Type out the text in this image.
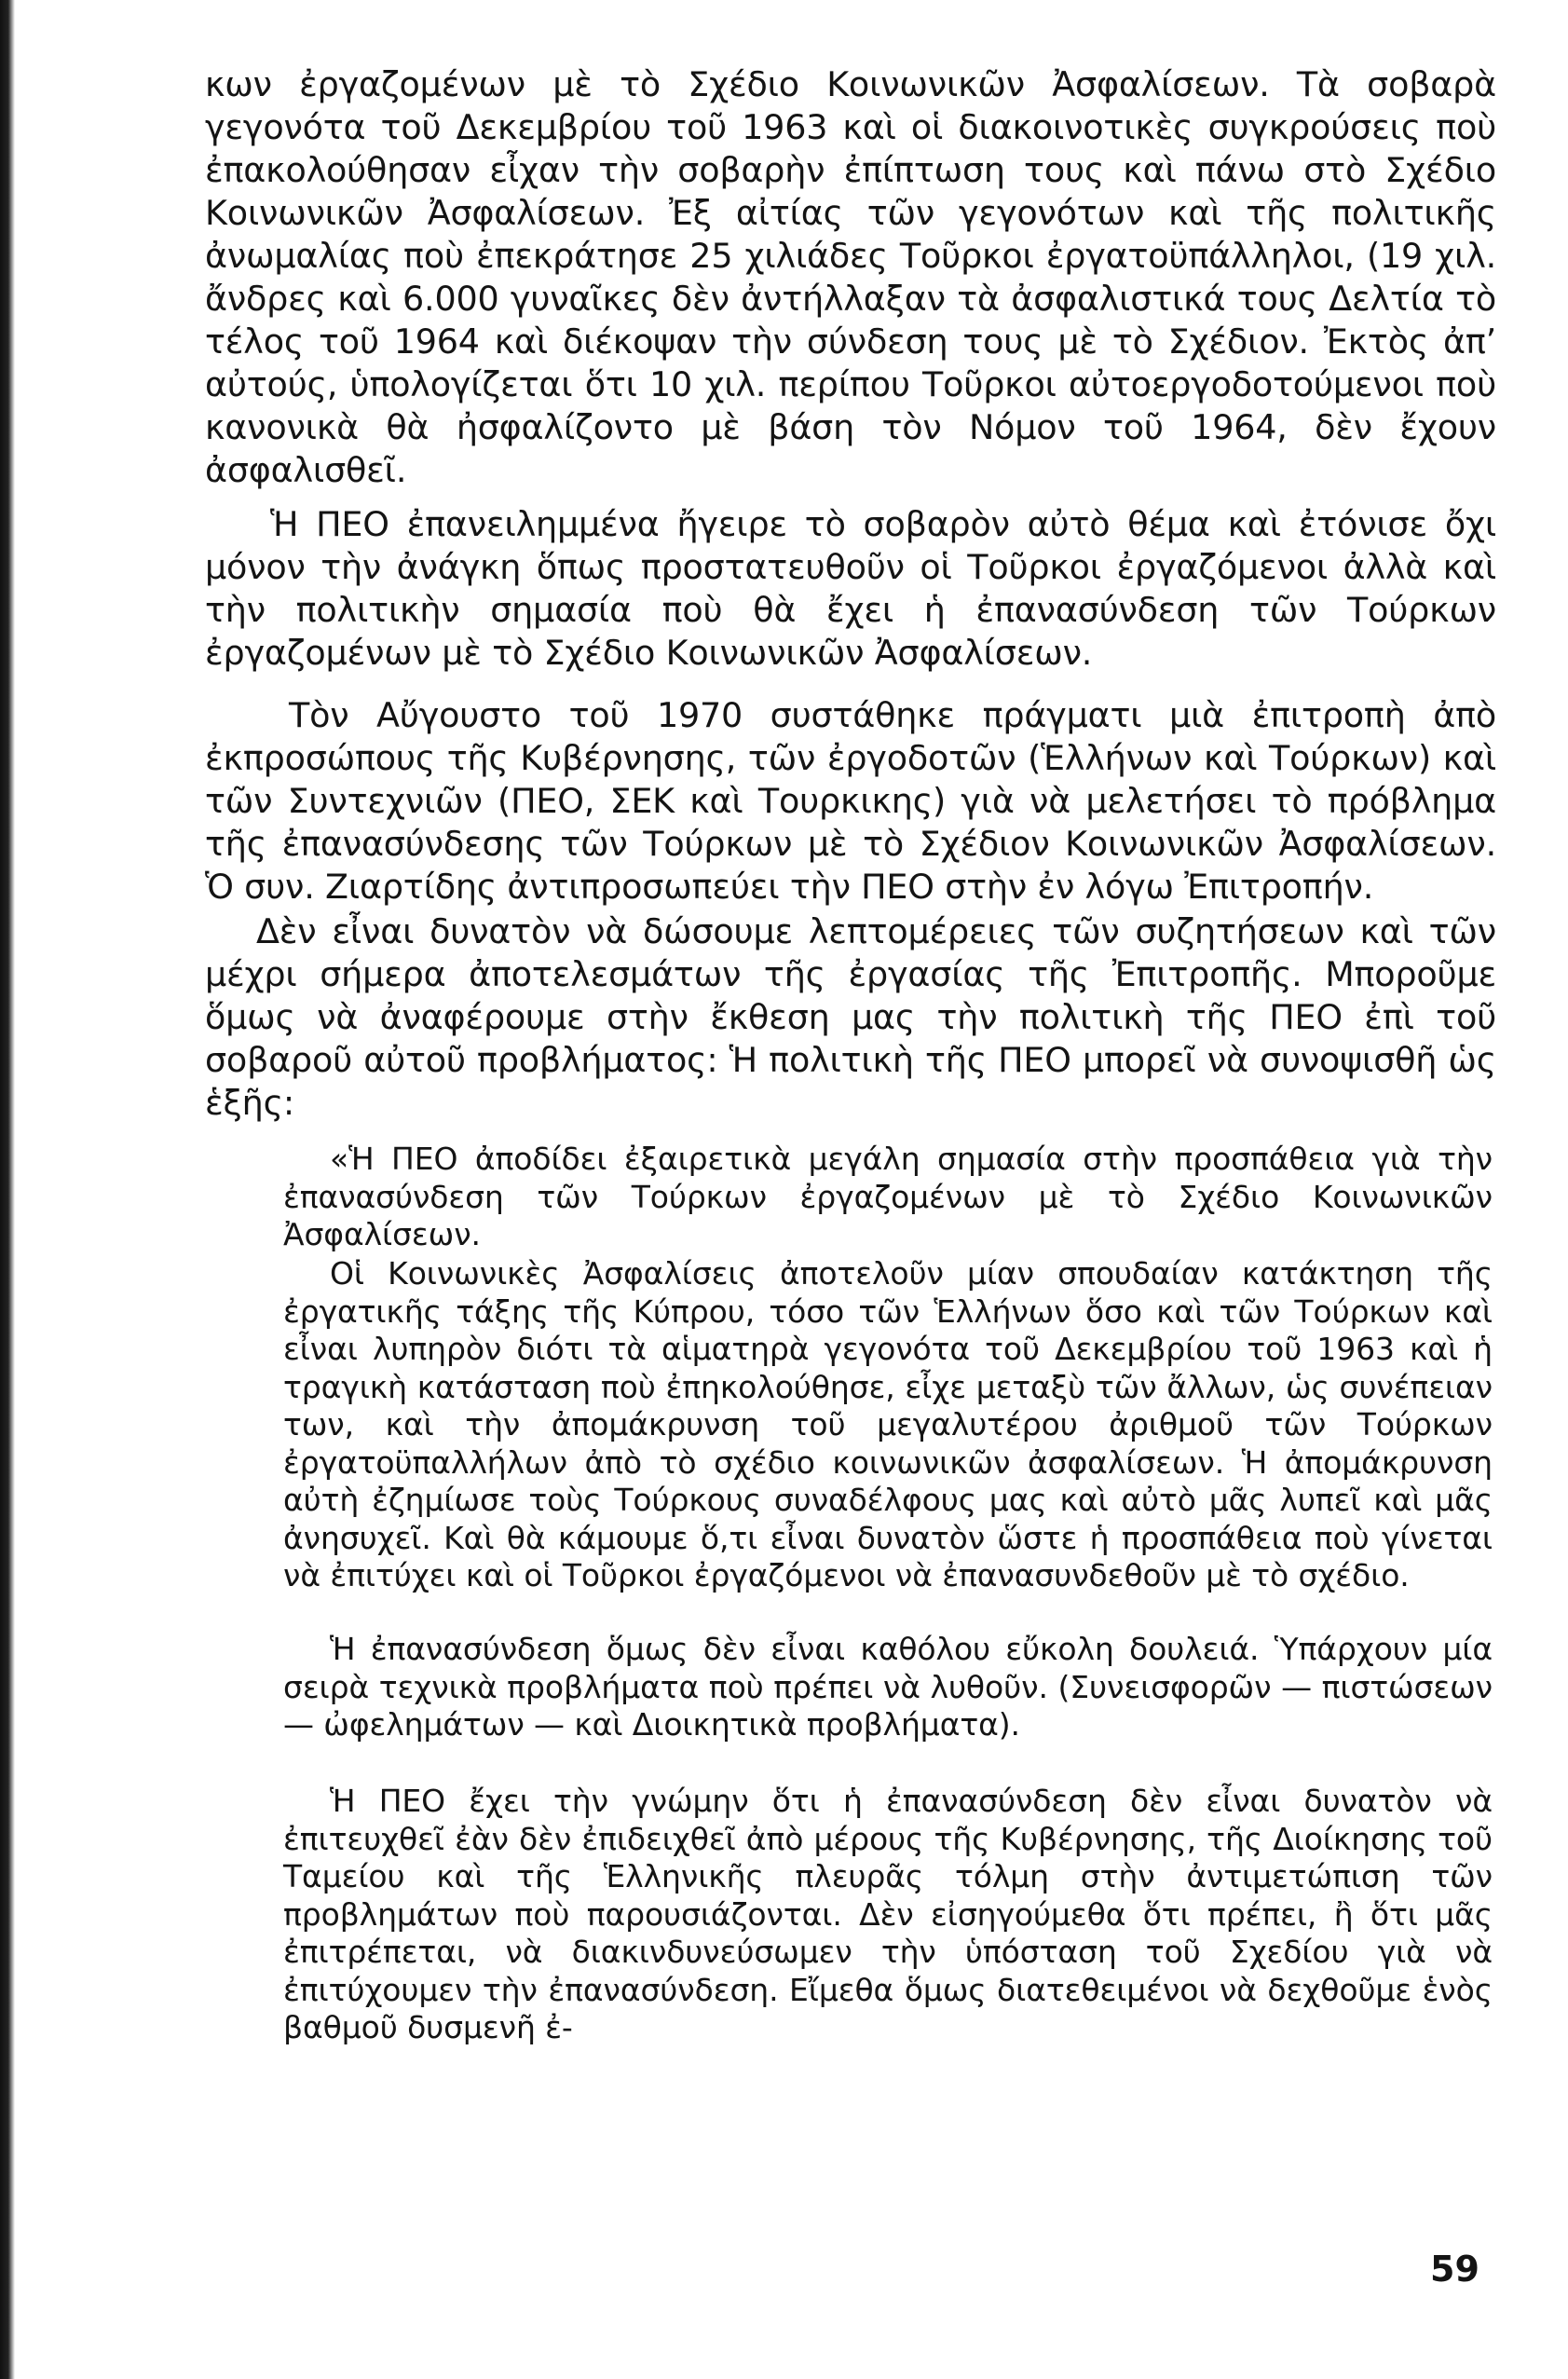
κων ἐργαζομένων μὲ τὸ Σχέδιο Κοινωνικῶν Ἀσφαλίσεων. Τὰ σοβαρὰ γεγονότα τοῦ Δεκεμβρίου τοῦ 1963 καὶ οἱ διακοινοτικὲς συγκρούσεις ποὺ ἐπακολούθησαν εἶχαν τὴν σοβαρὴν ἐπίπτωση τους καὶ πάνω στὸ Σχέδιο Κοινωνικῶν Ἀσφαλίσεων. Ἐξ αἰτίας τῶν γεγονότων καὶ τῆς πολιτικῆς ἀνωμαλίας ποὺ ἐπεκράτησε 25 χιλιάδες Τοῦρκοι ἐργατοϋπάλληλοι, (19 χιλ. ἄνδρες καὶ 6.000 γυναῖκες δὲν ἀντήλλαξαν τὰ ἀσφαλιστικά τους Δελτία τὸ τέλος τοῦ 1964 καὶ διέκοψαν τὴν σύνδεση τους μὲ τὸ Σχέδιον. Ἐκτὸς ἀπ’ αὐτούς, ὑπολογίζεται ὅτι 10 χιλ. περίπου Τοῦρκοι αὐτοεργοδοτούμενοι ποὺ κανονικὰ θὰ ἠσφαλίζοντο μὲ βάση τὸν Νόμον τοῦ 1964, δὲν ἔχουν ἀσφαλισθεῖ.

Ἡ ΠΕΟ ἐπανειλημμένα ἤγειρε τὸ σοβαρὸν αὐτὸ θέμα καὶ ἐτόνισε ὄχι μόνον τὴν ἀνάγκη ὅπως προστατευθοῦν οἱ Τοῦρκοι ἐργαζόμενοι ἀλλὰ καὶ τὴν πολιτικὴν σημασία ποὺ θὰ ἔχει ἡ ἐπανασύνδεση τῶν Τούρκων ἐργαζομένων μὲ τὸ Σχέδιο Κοινωνικῶν Ἀσφαλίσεων.

Τὸν Αὔγουστο τοῦ 1970 συστάθηκε πράγματι μιὰ ἐπιτροπὴ ἀπὸ ἐκπροσώπους τῆς Κυβέρνησης, τῶν ἐργοδοτῶν (Ἑλλήνων καὶ Τούρκων) καὶ τῶν Συντεχνιῶν (ΠΕΟ, ΣΕΚ καὶ Τουρκικης) γιὰ νὰ μελετήσει τὸ πρόβλημα τῆς ἐπανασύνδεσης τῶν Τούρκων μὲ τὸ Σχέδιον Κοινωνικῶν Ἀσφαλίσεων. Ὁ συν. Ζιαρτίδης ἀντιπροσωπεύει τὴν ΠΕΟ στὴν ἐν λόγω Ἐπιτροπήν.

Δὲν εἶναι δυνατὸν νὰ δώσουμε λεπτομέρειες τῶν συζητήσεων καὶ τῶν μέχρι σήμερα ἀποτελεσμάτων τῆς ἐργασίας τῆς Ἐπιτροπῆς. Μποροῦμε ὅμως νὰ ἀναφέρουμε στὴν ἔκθεση μας τὴν πολιτικὴ τῆς ΠΕΟ ἐπὶ τοῦ σοβαροῦ αὐτοῦ προβλήματος: Ἡ πολιτικὴ τῆς ΠΕΟ μπορεῖ νὰ συνοψισθῆ ὡς ἑξῆς:

«Ἡ ΠΕΟ ἀποδίδει ἐξαιρετικὰ μεγάλη σημασία στὴν προσπάθεια γιὰ τὴν ἐπανασύνδεση τῶν Τούρκων ἐργαζομένων μὲ τὸ Σχέδιο Κοινωνικῶν Ἀσφαλίσεων.

Οἱ Κοινωνικὲς Ἀσφαλίσεις ἀποτελοῦν μίαν σπουδαίαν κατάκτηση τῆς ἐργατικῆς τάξης τῆς Κύπρου, τόσο τῶν Ἑλλήνων ὅσο καὶ τῶν Τούρκων καὶ εἶναι λυπηρὸν διότι τὰ αἱματηρὰ γεγονότα τοῦ Δεκεμβρίου τοῦ 1963 καὶ ἡ τραγικὴ κατάσταση ποὺ ἐπηκολούθησε, εἶχε μεταξὺ τῶν ἄλλων, ὡς συνέπειαν των, καὶ τὴν ἀπομάκρυνση τοῦ μεγαλυτέρου ἀριθμοῦ τῶν Τούρκων ἐργατοϋπαλλήλων ἀπὸ τὸ σχέδιο κοινωνικῶν ἀσφαλίσεων. Ἡ ἀπομάκρυνση αὐτὴ ἐζημίωσε τοὺς Τούρκους συναδέλφους μας καὶ αὐτὸ μᾶς λυπεῖ καὶ μᾶς ἀνησυχεῖ. Καὶ θὰ κάμουμε ὅ,τι εἶναι δυνατὸν ὥστε ἡ προσπάθεια ποὺ γίνεται νὰ ἐπιτύχει καὶ οἱ Τοῦρκοι ἐργαζόμενοι νὰ ἐπανασυνδεθοῦν μὲ τὸ σχέδιο.

Ἡ ἐπανασύνδεση ὅμως δὲν εἶναι καθόλου εὔκολη δουλειά. Ὑπάρχουν μία σειρὰ τεχνικὰ προβλήματα ποὺ πρέπει νὰ λυθοῦν. (Συνεισφορῶν — πιστώσεων — ὠφελημάτων — καὶ Διοικητικὰ προβλήματα).

Ἡ ΠΕΟ ἔχει τὴν γνώμην ὅτι ἡ ἐπανασύνδεση δὲν εἶναι δυνατὸν νὰ ἐπιτευχθεῖ ἐὰν δὲν ἐπιδειχθεῖ ἀπὸ μέρους τῆς Κυβέρνησης, τῆς Διοίκησης τοῦ Ταμείου καὶ τῆς Ἑλληνικῆς πλευρᾶς τόλμη στὴν ἀντιμετώπιση τῶν προβλημάτων ποὺ παρουσιάζονται. Δὲν εἰσηγούμεθα ὅτι πρέπει, ἢ ὅτι μᾶς ἐπιτρέπεται, νὰ διακινδυνεύσωμεν τὴν ὑπόσταση τοῦ Σχεδίου γιὰ νὰ ἐπιτύχουμεν τὴν ἐπανασύνδεση. Εἴμεθα ὅμως διατεθειμένοι νὰ δεχθοῦμε ἑνὸς βαθμοῦ δυσμενῆ ἐ-

59
